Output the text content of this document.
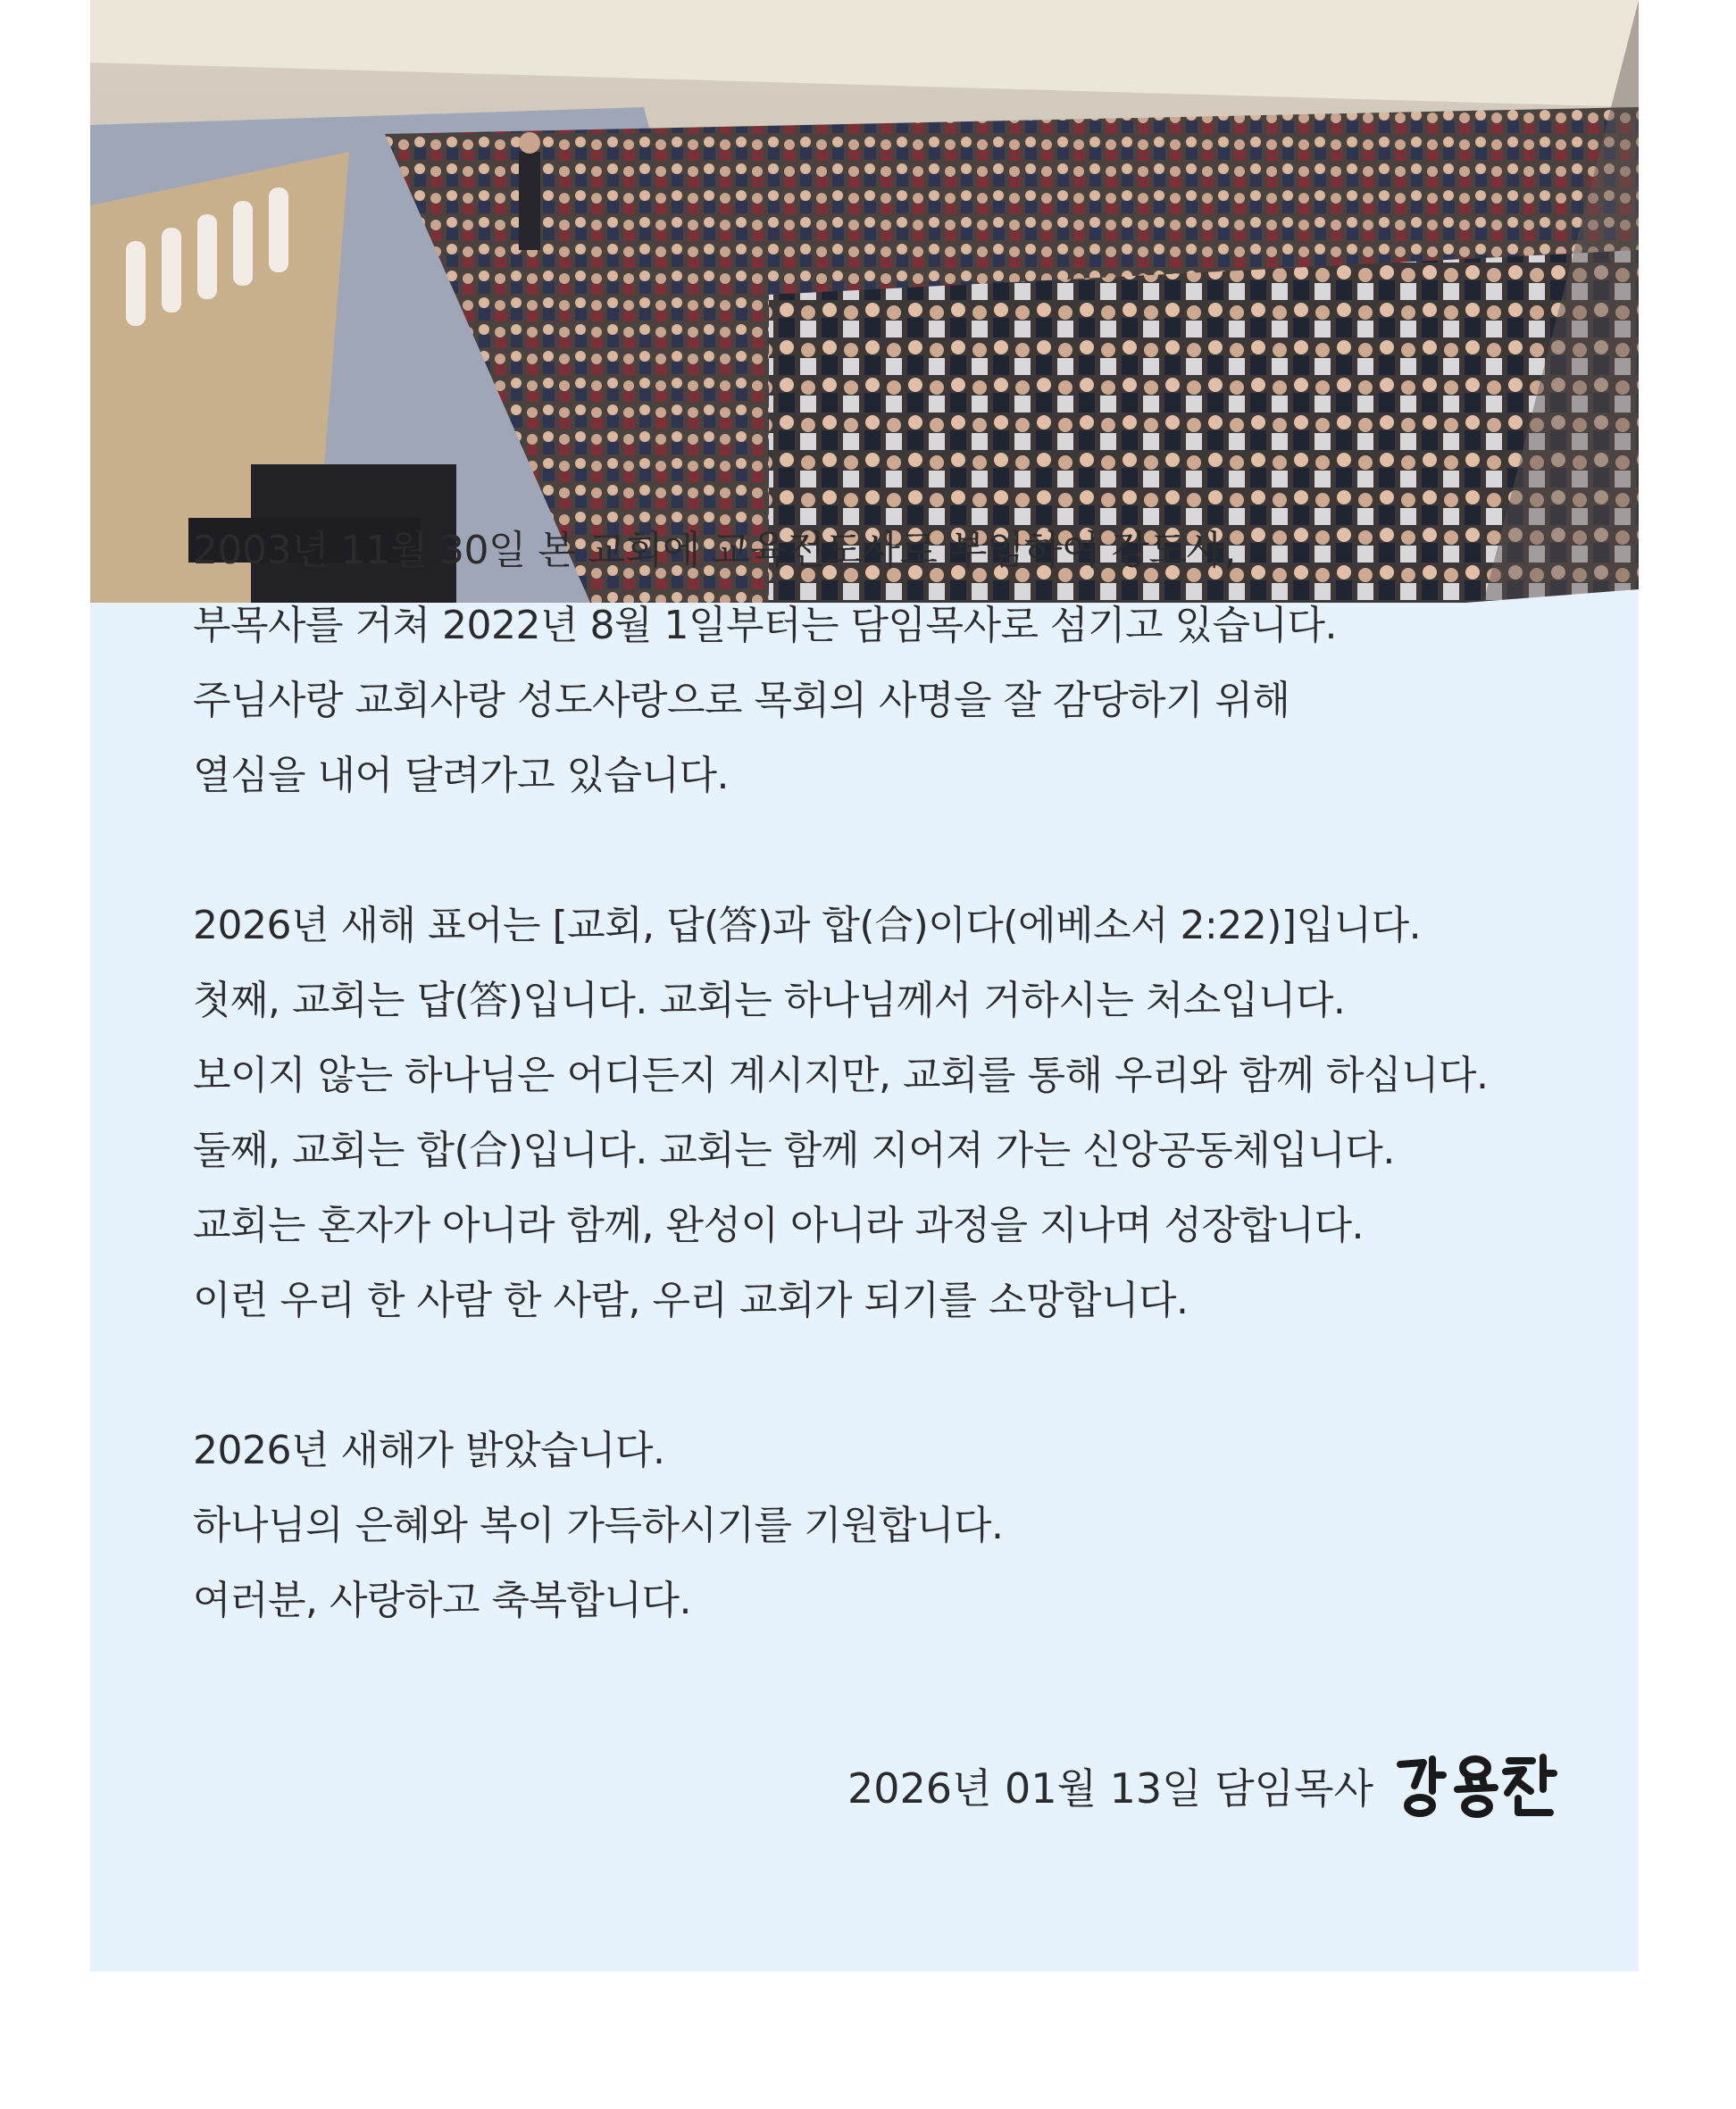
2003년 11월 30일 본 교회에 교육전도사로 부임하여 강도사,
부목사를 거쳐 2022년 8월 1일부터는 담임목사로 섬기고 있습니다.
주님사랑 교회사랑 성도사랑으로 목회의 사명을 잘 감당하기 위해
열심을 내어 달려가고 있습니다.
2026년 새해 표어는 [교회, 답(答)과 합(合)이다(에베소서 2:22)]입니다.
첫째, 교회는 답(答)입니다. 교회는 하나님께서 거하시는 처소입니다.
보이지 않는 하나님은 어디든지 계시지만, 교회를 통해 우리와 함께 하십니다.
둘째, 교회는 합(合)입니다. 교회는 함께 지어져 가는 신앙공동체입니다.
교회는 혼자가 아니라 함께, 완성이 아니라 과정을 지나며 성장합니다.
이런 우리 한 사람 한 사람, 우리 교회가 되기를 소망합니다.
2026년 새해가 밝았습니다.
하나님의 은혜와 복이 가득하시기를 기원합니다.
여러분, 사랑하고 축복합니다.
2026년 01월 13일 담임목사
